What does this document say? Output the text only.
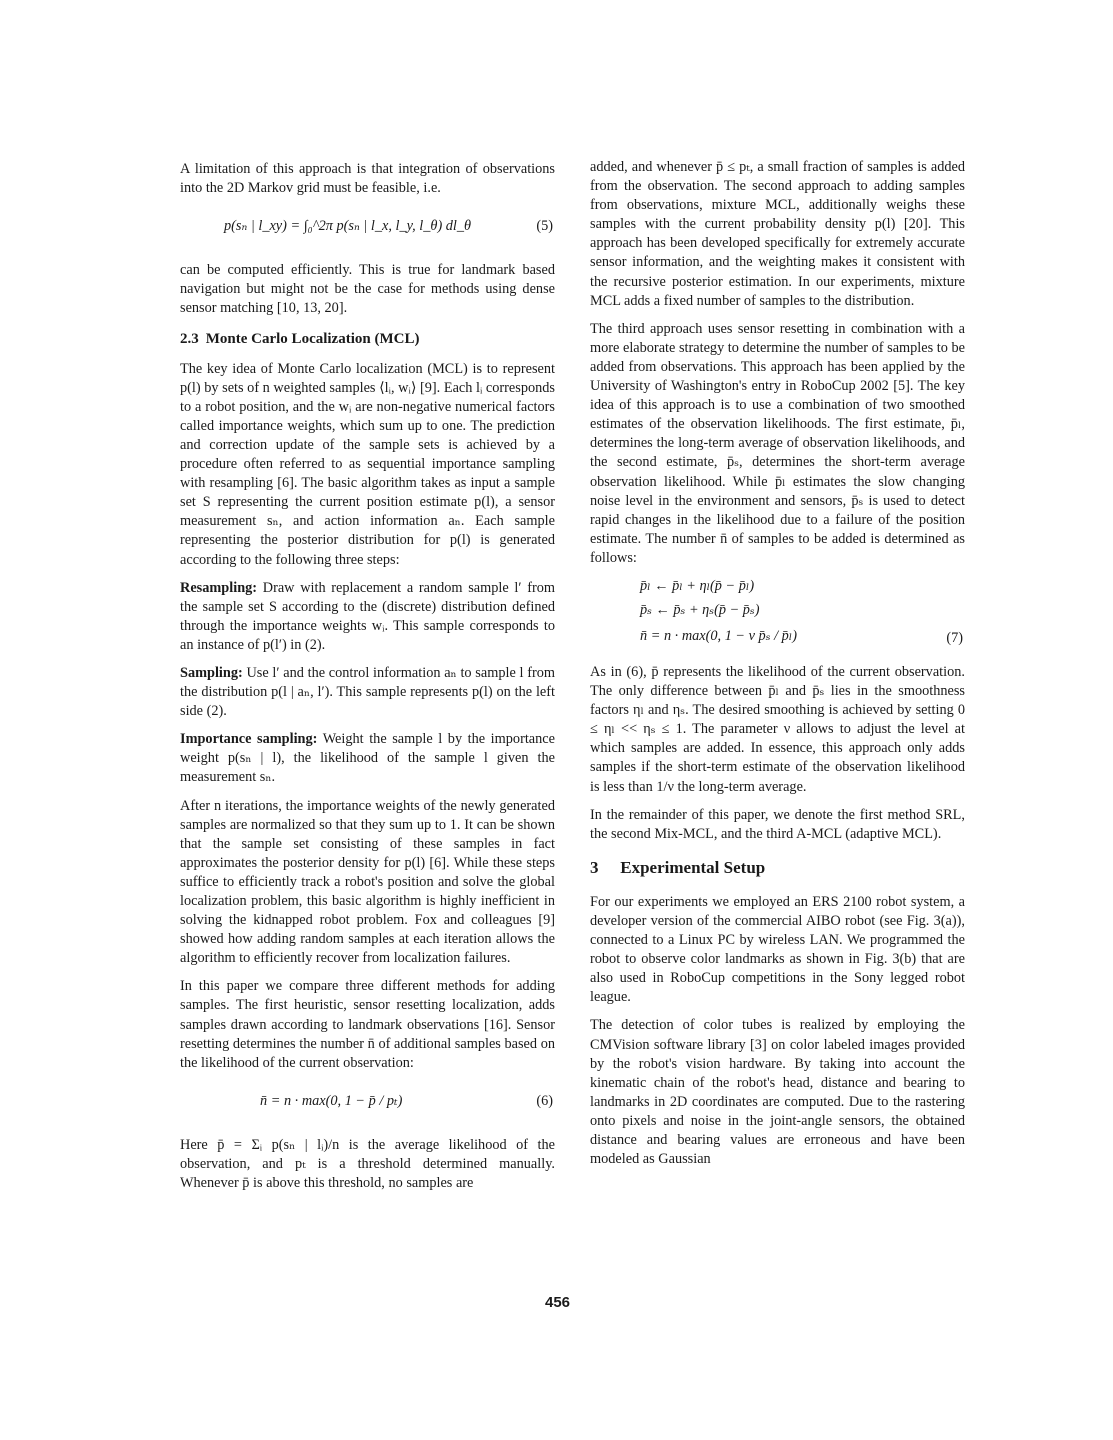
A limitation of this approach is that integration of observations into the 2D Markov grid must be feasible, i.e.

p(sₙ | l_xy) = ∫₀^2π p(sₙ | l_x, l_y, l_θ) dl_θ	(5)

can be computed efficiently. This is true for landmark based navigation but might not be the case for methods using dense sensor matching [10, 13, 20].

2.3 Monte Carlo Localization (MCL)

The key idea of Monte Carlo localization (MCL) is to represent p(l) by sets of n weighted samples ⟨lᵢ, wᵢ⟩ [9]. Each lᵢ corresponds to a robot position, and the wᵢ are non-negative numerical factors called importance weights, which sum up to one. The prediction and correction update of the sample sets is achieved by a procedure often referred to as sequential importance sampling with resampling [6]. The basic algorithm takes as input a sample set S representing the current position estimate p(l), a sensor measurement sₙ, and action information aₙ. Each sample representing the posterior distribution for p(l) is generated according to the following three steps:

Resampling: Draw with replacement a random sample l′ from the sample set S according to the (discrete) distribution defined through the importance weights wᵢ. This sample corresponds to an instance of p(l′) in (2).

Sampling: Use l′ and the control information aₙ to sample l from the distribution p(l | aₙ, l′). This sample represents p(l) on the left side (2).

Importance sampling: Weight the sample l by the importance weight p(sₙ | l), the likelihood of the sample l given the measurement sₙ.

After n iterations, the importance weights of the newly generated samples are normalized so that they sum up to 1. It can be shown that the sample set consisting of these samples in fact approximates the posterior density for p(l) [6]. While these steps suffice to efficiently track a robot's position and solve the global localization problem, this basic algorithm is highly inefficient in solving the kidnapped robot problem. Fox and colleagues [9] showed how adding random samples at each iteration allows the algorithm to efficiently recover from localization failures.

In this paper we compare three different methods for adding samples. The first heuristic, sensor resetting localization, adds samples drawn according to landmark observations [16]. Sensor resetting determines the number n̄ of additional samples based on the likelihood of the current observation:

n̄ = n · max(0, 1 − p̄ / pₜ)	(6)

Here p̄ = Σᵢ p(sₙ | lᵢ)/n is the average likelihood of the observation, and pₜ is a threshold determined manually. Whenever p̄ is above this threshold, no samples are

added, and whenever p̄ ≤ pₜ, a small fraction of samples is added from the observation. The second approach to adding samples from observations, mixture MCL, additionally weighs these samples with the current probability density p(l) [20]. This approach has been developed specifically for extremely accurate sensor information, and the weighting makes it consistent with the recursive posterior estimation. In our experiments, mixture MCL adds a fixed number of samples to the distribution.

The third approach uses sensor resetting in combination with a more elaborate strategy to determine the number of samples to be added from observations. This approach has been applied by the University of Washington's entry in RoboCup 2002 [5]. The key idea of this approach is to use a combination of two smoothed estimates of the observation likelihoods. The first estimate, p̄ₗ, determines the long-term average of observation likelihoods, and the second estimate, p̄ₛ, determines the short-term average observation likelihood. While p̄ₗ estimates the slow changing noise level in the environment and sensors, p̄ₛ is used to detect rapid changes in the likelihood due to a failure of the position estimate. The number n̄ of samples to be added is determined as follows:

p̄ₗ ← p̄ₗ + ηₗ(p̄ − p̄ₗ)
p̄ₛ ← p̄ₛ + ηₛ(p̄ − p̄ₛ)
n̄ = n · max(0, 1 − ν p̄ₛ / p̄ₗ)	(7)

As in (6), p̄ represents the likelihood of the current observation. The only difference between p̄ₗ and p̄ₛ lies in the smoothness factors ηₗ and ηₛ. The desired smoothing is achieved by setting 0 ≤ ηₗ << ηₛ ≤ 1. The parameter ν allows to adjust the level at which samples are added. In essence, this approach only adds samples if the short-term estimate of the observation likelihood is less than 1/ν the long-term average.

In the remainder of this paper, we denote the first method SRL, the second Mix-MCL, and the third A-MCL (adaptive MCL).

3 Experimental Setup

For our experiments we employed an ERS 2100 robot system, a developer version of the commercial AIBO robot (see Fig. 3(a)), connected to a Linux PC by wireless LAN. We programmed the robot to observe color landmarks as shown in Fig. 3(b) that are also used in RoboCup competitions in the Sony legged robot league.

The detection of color tubes is realized by employing the CMVision software library [3] on color labeled images provided by the robot's vision hardware. By taking into account the kinematic chain of the robot's head, distance and bearing to landmarks in 2D coordinates are computed. Due to the rastering onto pixels and noise in the joint-angle sensors, the obtained distance and bearing values are erroneous and have been modeled as Gaussian

456
